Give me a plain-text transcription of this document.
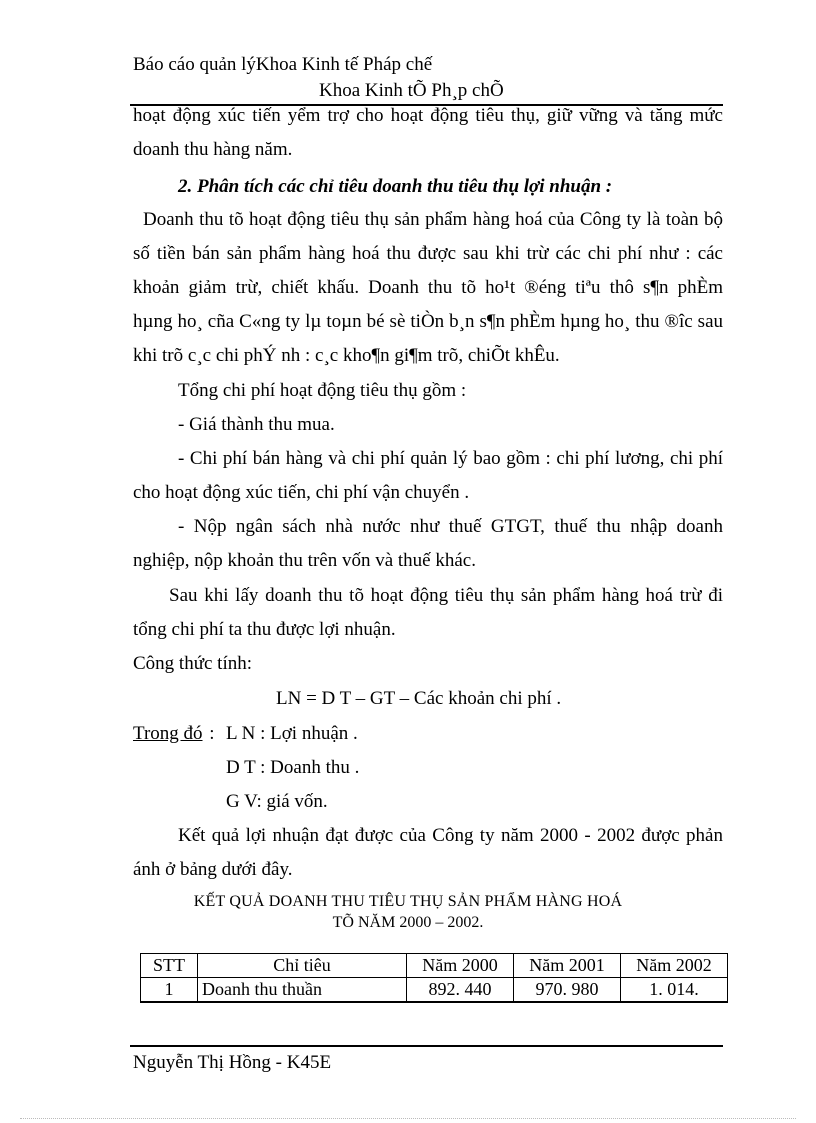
Báo cáo quản lýKhoa Kinh tế Pháp chế
Khoa Kinh tÕ Ph¸p chÕ
hoạt động xúc tiến yểm trợ cho hoạt động tiêu thụ, giữ vững và tăng mức
doanh thu hàng năm.
2. Phân tích các chỉ tiêu doanh thu tiêu thụ lợi nhuận :
Doanh thu tõ hoạt động tiêu thụ sản phẩm hàng hoá của Công ty là toàn bộ
số tiền bán sản phẩm hàng hoá thu được sau khi trừ các chi phí như : các
khoản giảm trừ, chiết khấu. Doanh thu tõ ho¹t ®éng tiªu thô s¶n phÈm
hµng ho¸ cña C«ng ty lµ toµn bé sè tiÒn b¸n s¶n phÈm hµng ho¸ thu ®îc sau
khi trõ c¸c chi phÝ nh : c¸c kho¶n gi¶m trõ, chiÕt khÊu.
Tổng chi phí hoạt động tiêu thụ gồm :
- Giá thành thu mua.
- Chi phí bán hàng và chi phí quản lý bao gồm : chi phí lương, chi phí
cho hoạt động xúc tiến, chi phí vận chuyển .
- Nộp ngân sách nhà nước như thuế GTGT, thuế thu nhập doanh
nghiệp, nộp khoản thu trên vốn và thuế khác.
Sau khi lấy doanh thu tõ hoạt động tiêu thụ sản phẩm hàng hoá trừ đi
tổng chi phí ta thu được lợi nhuận.
Công thức tính:
LN = D T – GT – Các khoản chi phí .
Trong đó : L N : Lợi nhuận .
D T : Doanh thu .
G V: giá vốn.
Kết quả lợi nhuận đạt được của Công ty năm 2000 - 2002 được phản
ánh ở bảng dưới đây.
KẾT QUẢ DOANH THU TIÊU THỤ SẢN PHẨM HÀNG HOÁ
TÕ NĂM 2000 – 2002.
STT	Chỉ tiêu	Năm 2000	Năm 2001	Năm 2002
1	Doanh thu thuần	892. 440	970. 980	1. 014.
Nguyễn Thị Hồng - K45E
